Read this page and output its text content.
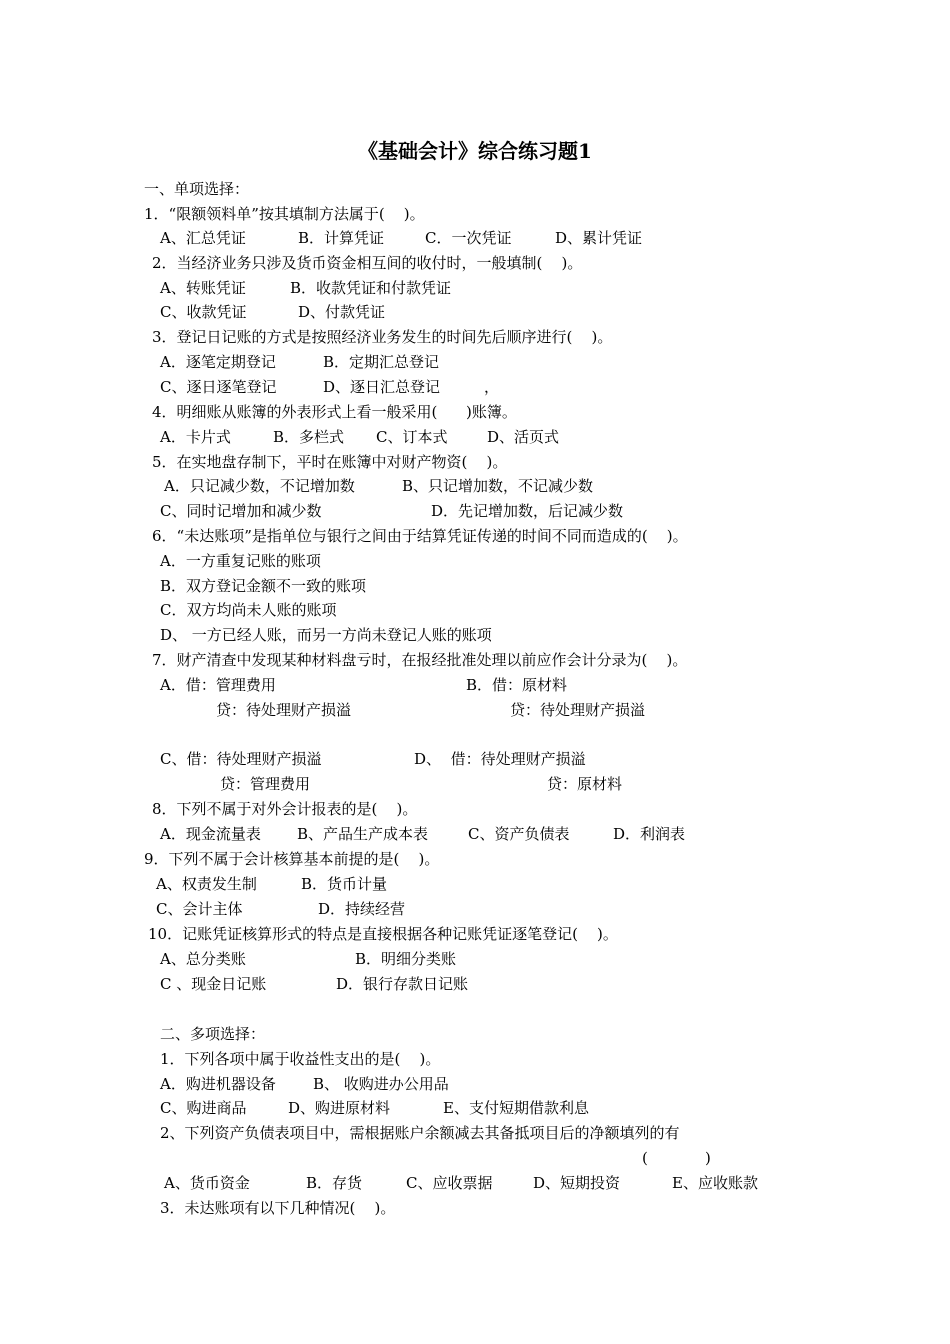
《基础会计》综合练习题1
一、单项选择：
1．“限额领料单”按其填制方法属于(    )。
A、汇总凭证	B．计算凭证	C．一次凭证	D、累计凭证
2．当经济业务只涉及货币资金相互间的收付时，一般填制(    )。
A、转账凭证	B．收款凭证和付款凭证
C、收款凭证	D、付款凭证
3．登记日记账的方式是按照经济业务发生的时间先后顺序进行(    )。
A．逐笔定期登记	B．定期汇总登记
C、逐日逐笔登记	D、逐日汇总登记	，
4．明细账从账簿的外表形式上看一般采用(      )账簿。
A．卡片式	B．多栏式 C、订本式	D、活页式
5．在实地盘存制下，平时在账簿中对财产物资(    )。
A．只记减少数，不记增加数	B、只记增加数，不记减少数
C、同时记增加和减少数	D．先记增加数，后记减少数
6．“未达账项”是指单位与银行之间由于结算凭证传递的时间不同而造成的(    )。
A．一方重复记账的账项
B．双方登记金额不一致的账项
C．双方均尚未人账的账项
D、 一方已经人账，而另一方尚未登记人账的账项
7．财产清查中发现某种材料盘亏时，在报经批准处理以前应作会计分录为(    )。
A．借：管理费用	B．借：原材料
贷：待处理财产损溢	贷：待处理财产损溢
C、借：待处理财产损溢	D、  借：待处理财产损溢
贷：管理费用	贷：原材料
8．下列不属于对外会计报表的是(    )。
A．现金流量表 B、产品生产成本表	C、资产负债表	D．利润表
9．下列不属于会计核算基本前提的是(    )。
A、权责发生制	B．货币计量
C、会计主体	D．持续经营
10．记账凭证核算形式的特点是直接根据各种记账凭证逐笔登记(    )。
A、总分类账	B．明细分类账
C 、现金日记账	D．银行存款日记账
二、多项选择：
1．下列各项中属于收益性支出的是(    )。
A．购进机器设备 B、 收购进办公用品
C、购进商品	D、购进原材料	E、支付短期借款利息
2、下列资产负债表项目中，需根据账户余额减去其备抵项目后的净额填列的有
(	)
A、货币资金	B．存货	C、应收票据	D、短期投资	E、应收账款
3．未达账项有以下几种情况(    )。
